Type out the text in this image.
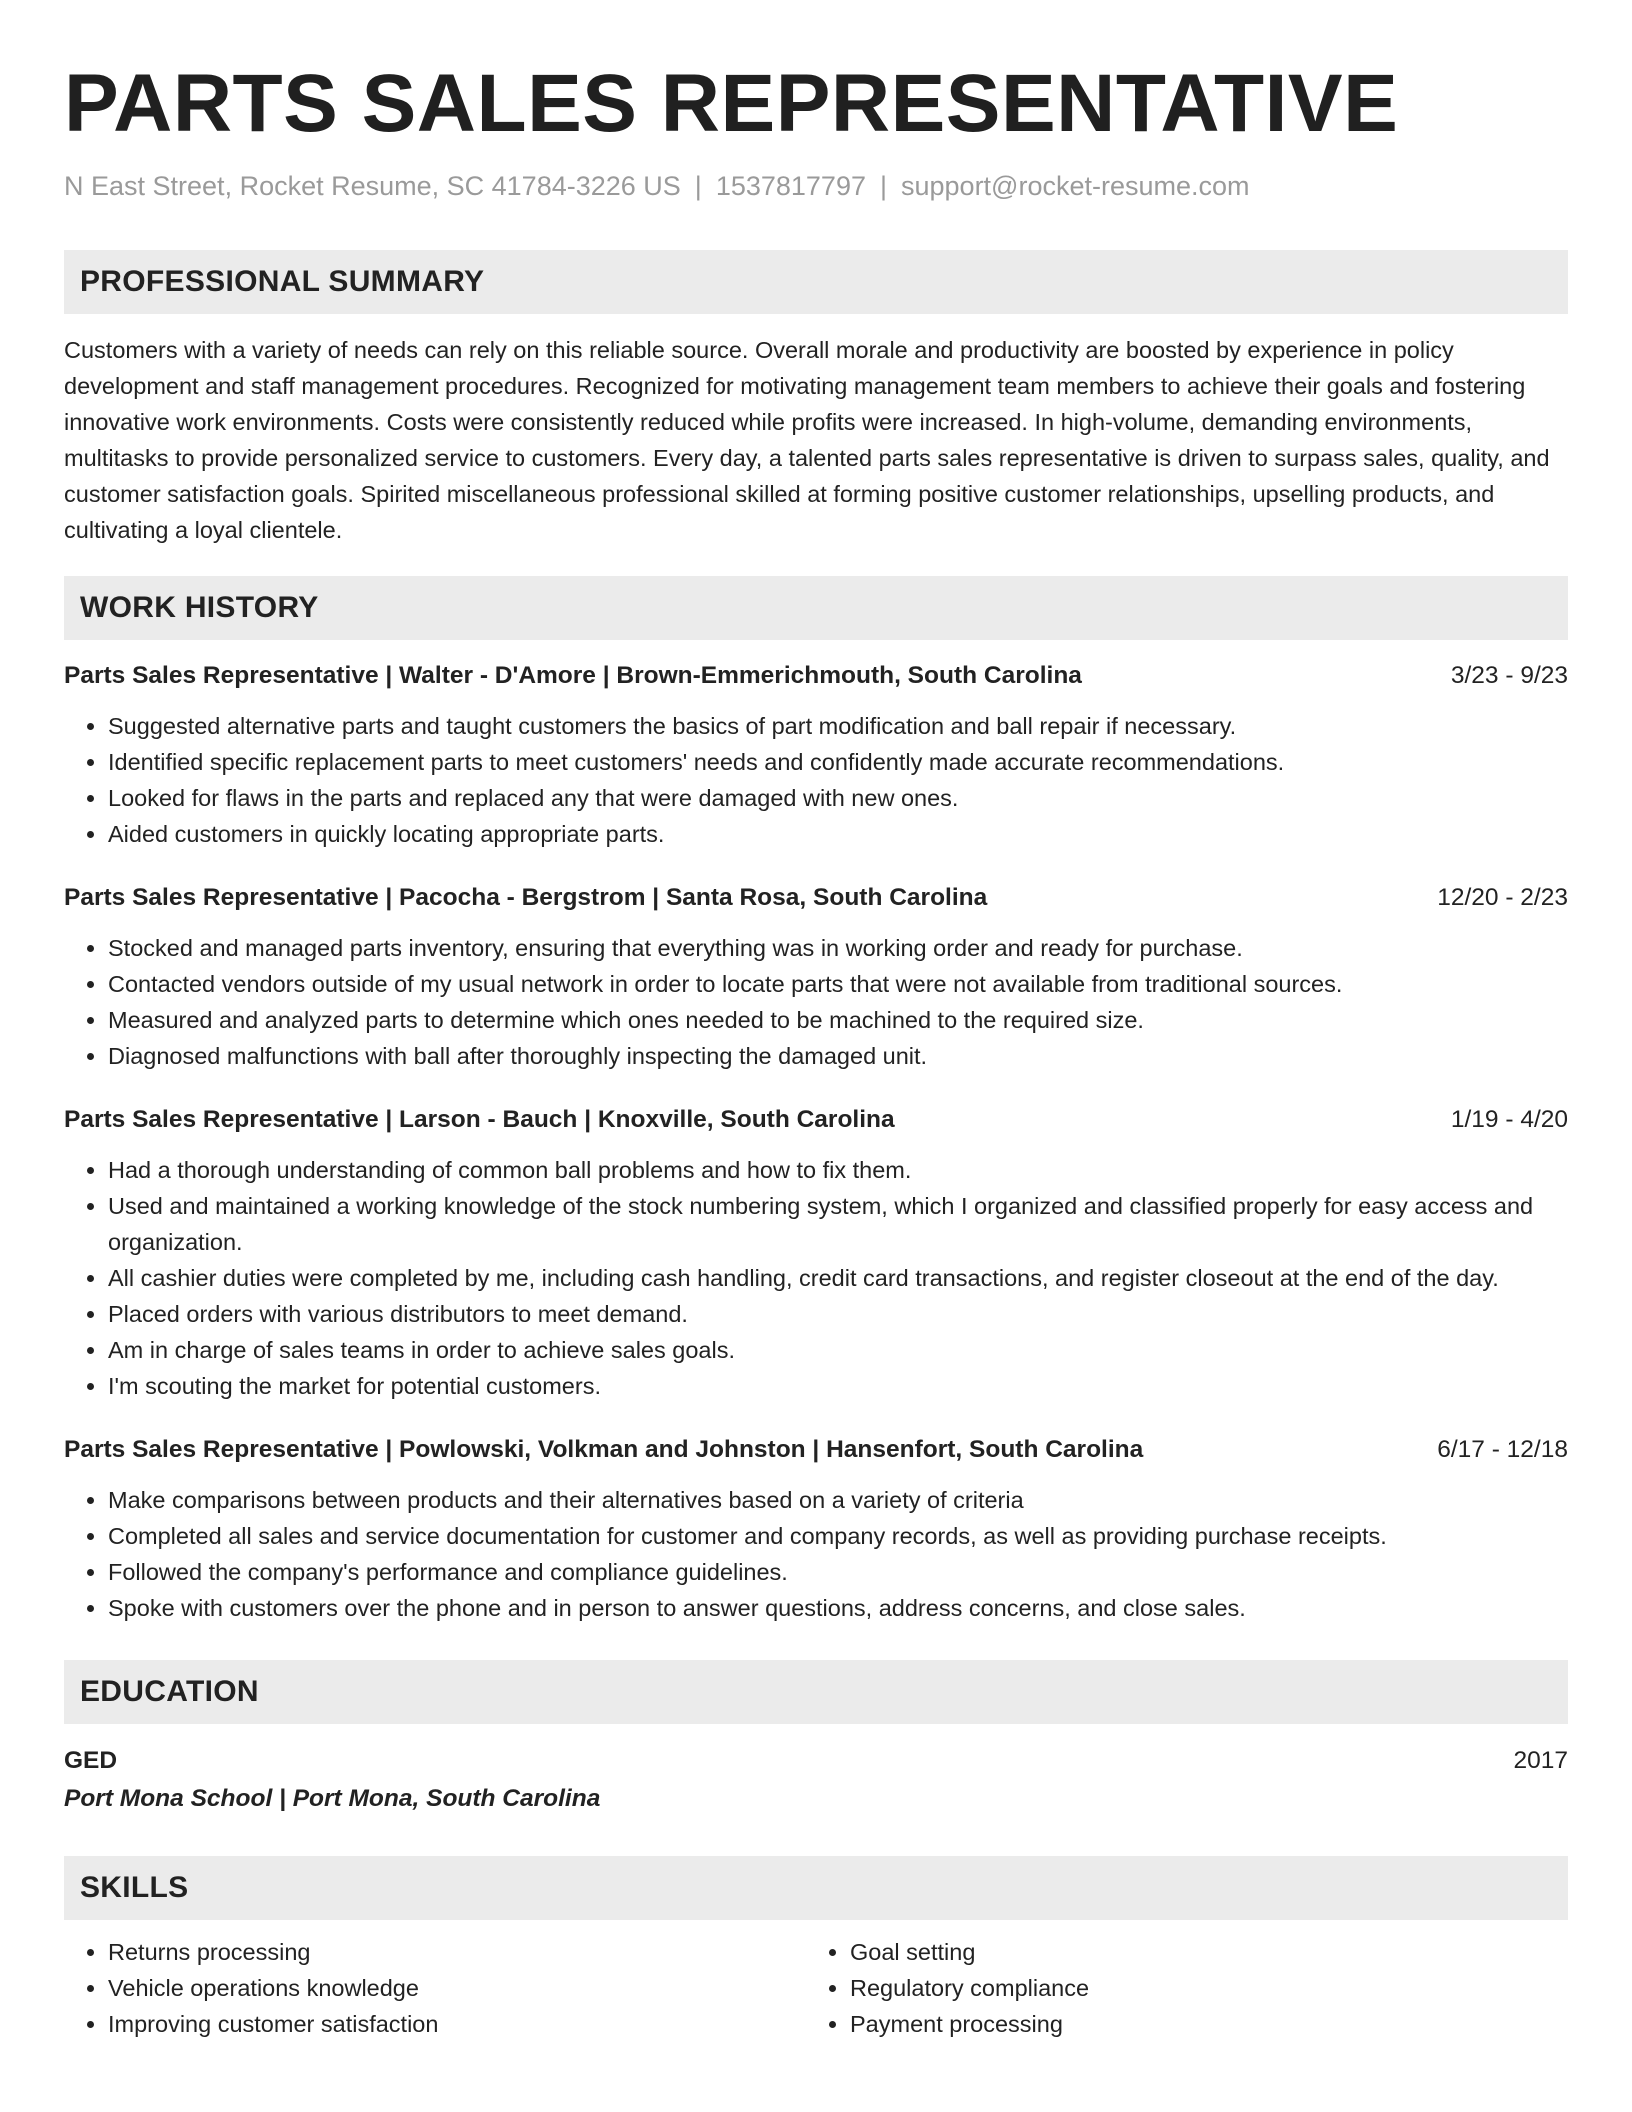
PARTS SALES REPRESENTATIVE
N East Street, Rocket Resume, SC 41784-3226 US | 1537817797 | support@rocket-resume.com
PROFESSIONAL SUMMARY

Customers with a variety of needs can rely on this reliable source. Overall morale and productivity are boosted by experience in policy development and staff management procedures. Recognized for motivating management team members to achieve their goals and fostering innovative work environments. Costs were consistently reduced while profits were increased. In high-volume, demanding environments, multitasks to provide personalized service to customers. Every day, a talented parts sales representative is driven to surpass sales, quality, and customer satisfaction goals. Spirited miscellaneous professional skilled at forming positive customer relationships, upselling products, and cultivating a loyal clientele.

WORK HISTORY
Parts Sales Representative | Walter - D'Amore | Brown-Emmerichmouth, South Carolina	3/23 - 9/23
• Suggested alternative parts and taught customers the basics of part modification and ball repair if necessary.
• Identified specific replacement parts to meet customers' needs and confidently made accurate recommendations.
• Looked for flaws in the parts and replaced any that were damaged with new ones.
• Aided customers in quickly locating appropriate parts.
Parts Sales Representative | Pacocha - Bergstrom | Santa Rosa, South Carolina	12/20 - 2/23
• Stocked and managed parts inventory, ensuring that everything was in working order and ready for purchase.
• Contacted vendors outside of my usual network in order to locate parts that were not available from traditional sources.
• Measured and analyzed parts to determine which ones needed to be machined to the required size.
• Diagnosed malfunctions with ball after thoroughly inspecting the damaged unit.
Parts Sales Representative | Larson - Bauch | Knoxville, South Carolina	1/19 - 4/20
• Had a thorough understanding of common ball problems and how to fix them.
• Used and maintained a working knowledge of the stock numbering system, which I organized and classified properly for easy access and organization.
• All cashier duties were completed by me, including cash handling, credit card transactions, and register closeout at the end of the day.
• Placed orders with various distributors to meet demand.
• Am in charge of sales teams in order to achieve sales goals.
• I'm scouting the market for potential customers.
Parts Sales Representative | Powlowski, Volkman and Johnston | Hansenfort, South Carolina	6/17 - 12/18
• Make comparisons between products and their alternatives based on a variety of criteria
• Completed all sales and service documentation for customer and company records, as well as providing purchase receipts.
• Followed the company's performance and compliance guidelines.
• Spoke with customers over the phone and in person to answer questions, address concerns, and close sales.
EDUCATION
GED	2017
Port Mona School | Port Mona, South Carolina
SKILLS
• Returns processing
• Vehicle operations knowledge
• Improving customer satisfaction
• Goal setting
• Regulatory compliance
• Payment processing
